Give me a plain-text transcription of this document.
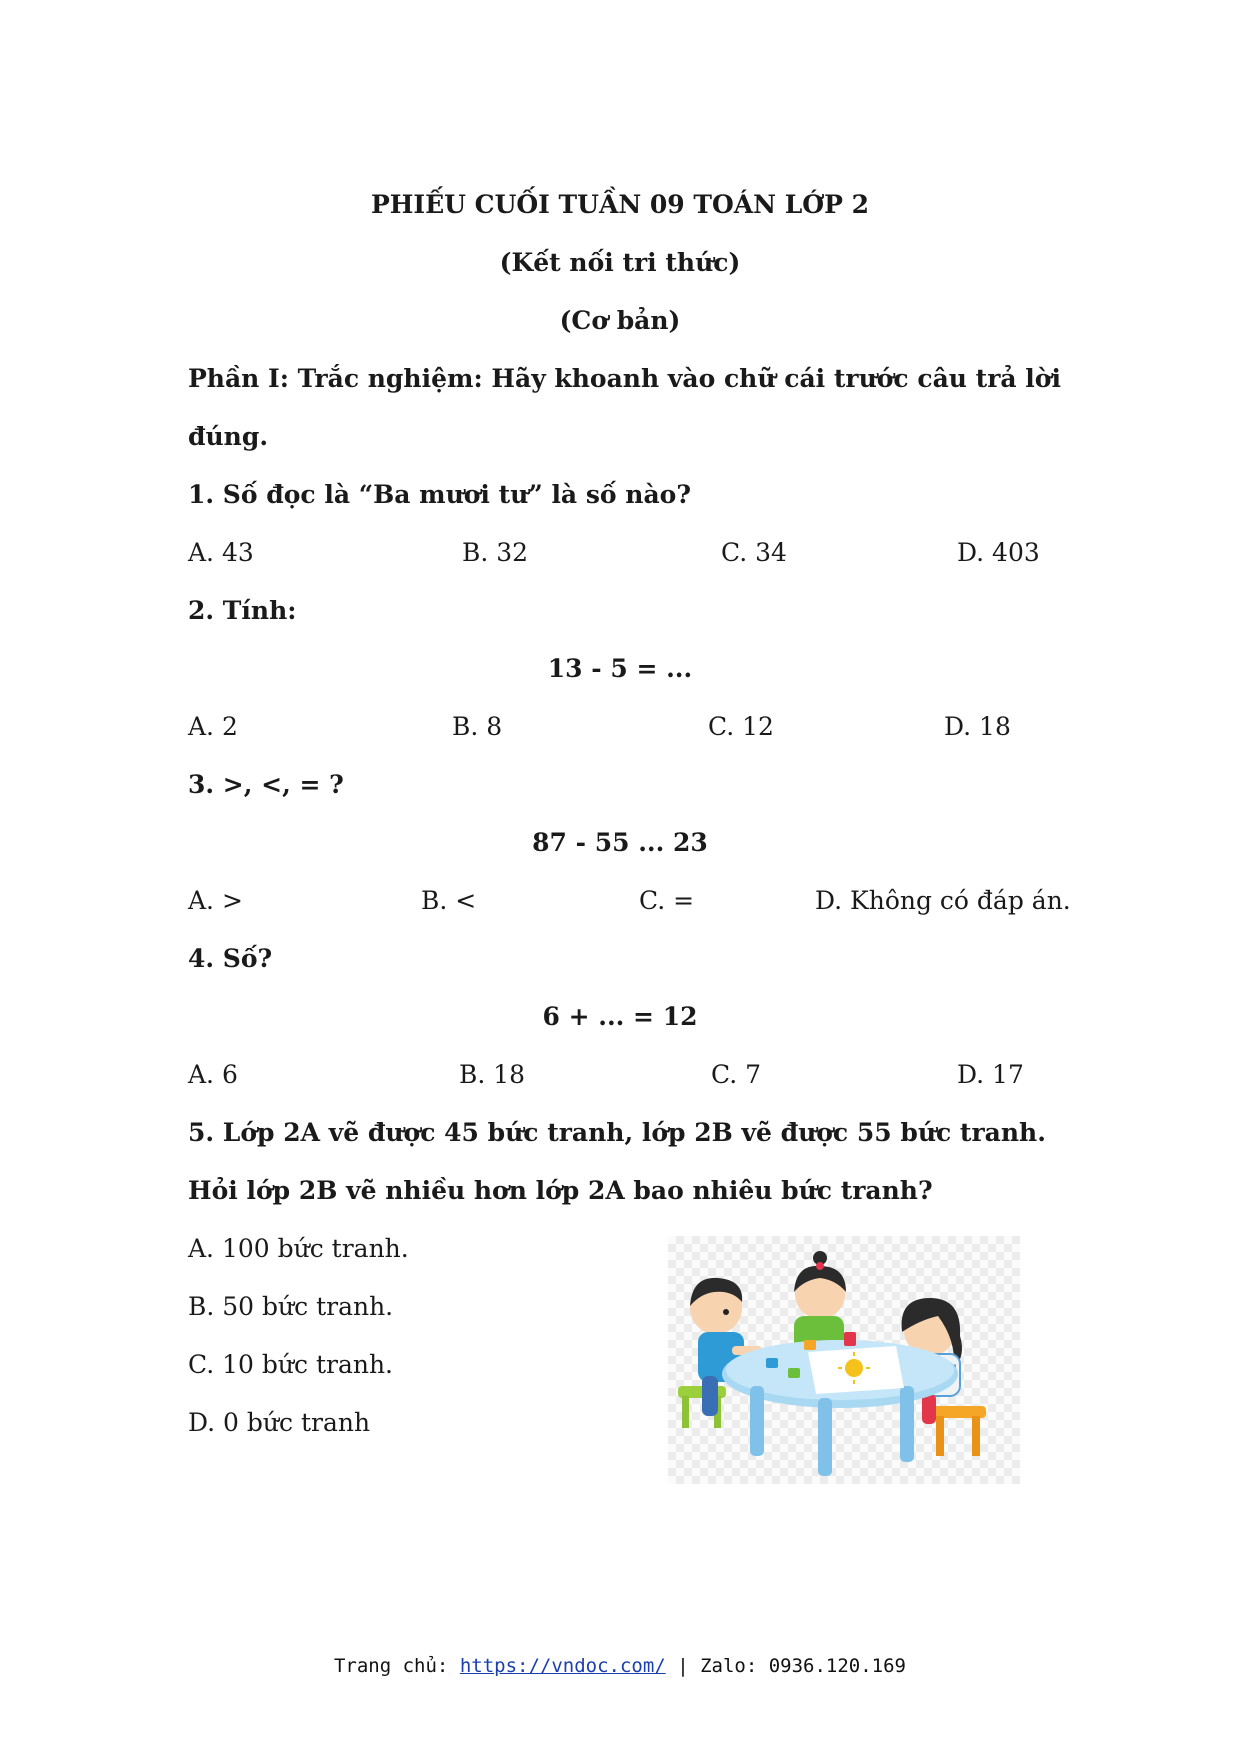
PHIẾU CUỐI TUẦN 09 TOÁN LỚP 2
(Kết nối tri thức)
(Cơ bản)
Phần I: Trắc nghiệm: Hãy khoanh vào chữ cái trước câu trả lời
đúng.
1. Số đọc là “Ba mươi tư” là số nào?
A. 43	B. 32	C. 34	D. 403
2. Tính:
13 - 5 = ...
A. 2	B. 8	C. 12	D. 18
3. >, <, = ?
87 - 55 ... 23
A. >	B. <	C. =	D. Không có đáp án.
4. Số?
6 + ... = 12
A. 6	B. 18	C. 7	D. 17
5. Lớp 2A vẽ được 45 bức tranh, lớp 2B vẽ được 55 bức tranh.
Hỏi lớp 2B vẽ nhiều hơn lớp 2A bao nhiêu bức tranh?
A. 100 bức tranh.
B. 50 bức tranh.
C. 10 bức tranh.
D. 0 bức tranh
Trang chủ: https://vndoc.com/ | Zalo: 0936.120.169
